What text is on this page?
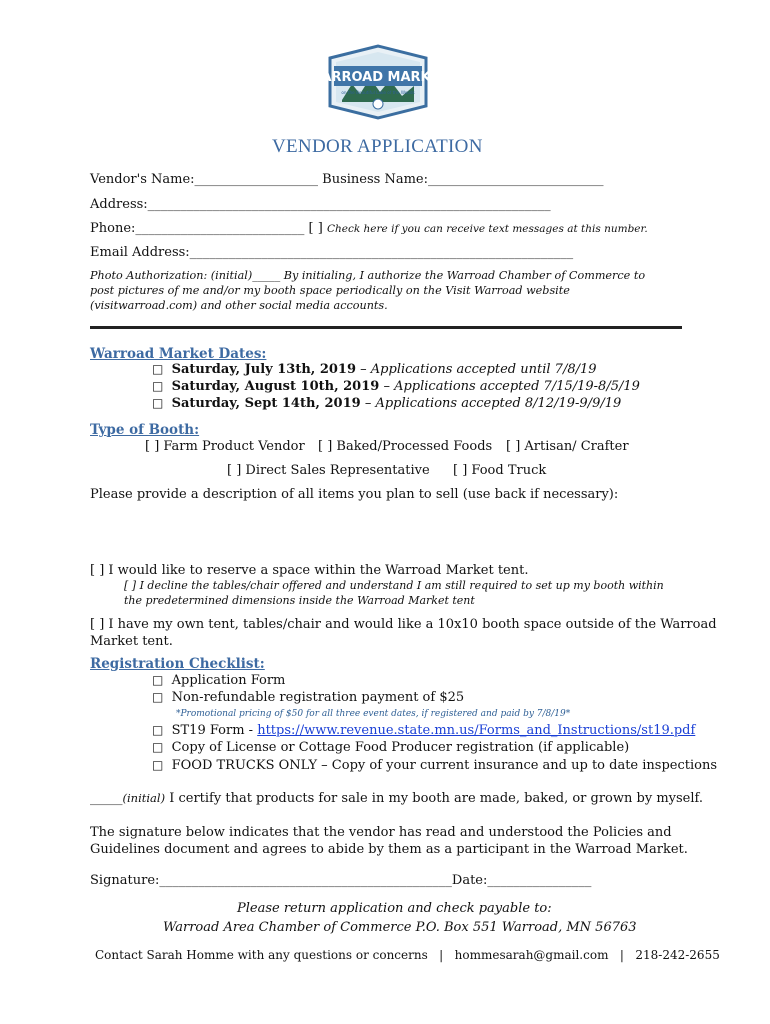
WARROAD MARKET
on the Beautiful Lake of the Woods
VENDOR APPLICATION
Vendor's Name:___________________ Business Name:___________________________
Address:______________________________________________________________
Phone:__________________________ [ ] Check here if you can receive text messages at this number.
Email Address:___________________________________________________________
Photo Authorization: (initial)_____ By initialing, I authorize the Warroad Chamber of Commerce to
post pictures of me and/or my booth space periodically on the Visit Warroad website
(visitwarroad.com) and other social media accounts.
Warroad Market Dates:
□ Saturday, July 13th, 2019 – Applications accepted until 7/8/19
□ Saturday, August 10th, 2019 – Applications accepted 7/15/19-8/5/19
□ Saturday, Sept 14th, 2019 – Applications accepted 8/12/19-9/9/19
Type of Booth:
[ ] Farm Product Vendor [ ] Baked/Processed Foods [ ] Artisan/ Crafter
[ ] Direct Sales Representative [ ] Food Truck
Please provide a description of all items you plan to sell (use back if necessary):
[ ] I would like to reserve a space within the Warroad Market tent.
[ ] I decline the tables/chair offered and understand I am still required to set up my booth within
the predetermined dimensions inside the Warroad Market tent
[ ] I have my own tent, tables/chair and would like a 10x10 booth space outside of the Warroad
Market tent.
Registration Checklist:
□ Application Form
□ Non-refundable registration payment of $25
*Promotional pricing of $50 for all three event dates, if registered and paid by 7/8/19*
□ ST19 Form - https://www.revenue.state.mn.us/Forms_and_Instructions/st19.pdf
□ Copy of License or Cottage Food Producer registration (if applicable)
□ FOOD TRUCKS ONLY – Copy of your current insurance and up to date inspections
_____(initial) I certify that products for sale in my booth are made, baked, or grown by myself.
The signature below indicates that the vendor has read and understood the Policies and
Guidelines document and agrees to abide by them as a participant in the Warroad Market.
Signature:_____________________________________________Date:________________
Please return application and check payable to:
Warroad Area Chamber of Commerce P.O. Box 551 Warroad, MN 56763
Contact Sarah Homme with any questions or concerns   |   hommesarah@gmail.com   |   218-242-2655
